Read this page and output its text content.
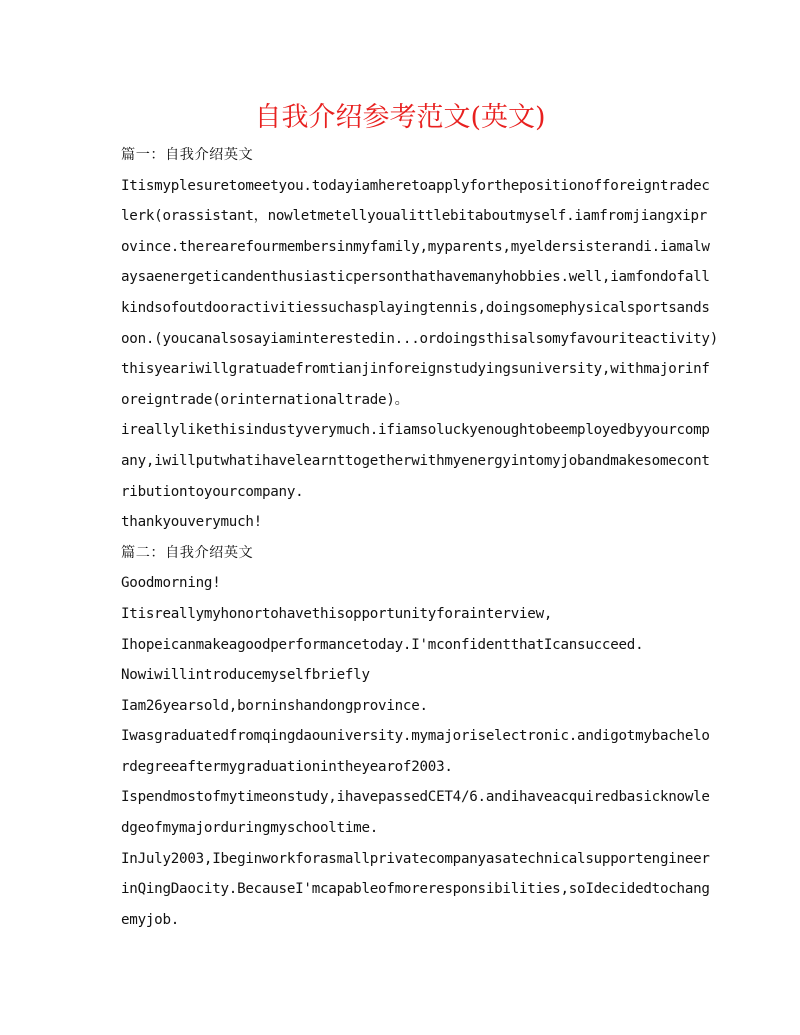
自我介绍参考范文(英文)
篇一：自我介绍英文
Itismyplesuretomeetyou.todayiamheretoapplyforthepositionofforeigntradec
lerk(orassistant，nowletmetellyoualittlebitaboutmyself.iamfromjiangxipr
ovince.therearefourmembersinmyfamily,myparents,myeldersisterandi.iamalw
aysaenergeticandenthusiasticpersonthathavemanyhobbies.well,iamfondofall
kindsofoutdooractivitiessuchasplayingtennis,doingsomephysicalsportsands
oon.(youcanalsosayiaminterestedin...ordoingsthisalsomyfavouriteactivity)
thisyeariwillgratuadefromtianjinforeignstudyingsuniversity,withmajorinf
oreigntrade(orinternationaltrade)。
ireallylikethisindustyverymuch.ifiamsoluckyenoughtobeemployedbyyourcomp
any,iwillputwhatihavelearnttogetherwithmyenergyintomyjobandmakesomecont
ributiontoyourcompany.
thankyouverymuch!
篇二：自我介绍英文
Goodmorning!
Itisreallymyhonortohavethisopportunityforainterview,
Ihopeicanmakeagoodperformancetoday.I'mconfidentthatIcansucceed.
Nowiwillintroducemyselfbriefly
Iam26yearsold,borninshandongprovince.
Iwasgraduatedfromqingdaouniversity.mymajoriselectronic.andigotmybachelo
rdegreeaftermygraduationintheyearof2003.
Ispendmostofmytimeonstudy,ihavepassedCET4/6.andihaveacquiredbasicknowle
dgeofmymajorduringmyschooltime.
InJuly2003,Ibeginworkforasmallprivatecompanyasatechnicalsupportengineer
inQingDaocity.BecauseI'mcapableofmoreresponsibilities,soIdecidedtochang
emyjob.
